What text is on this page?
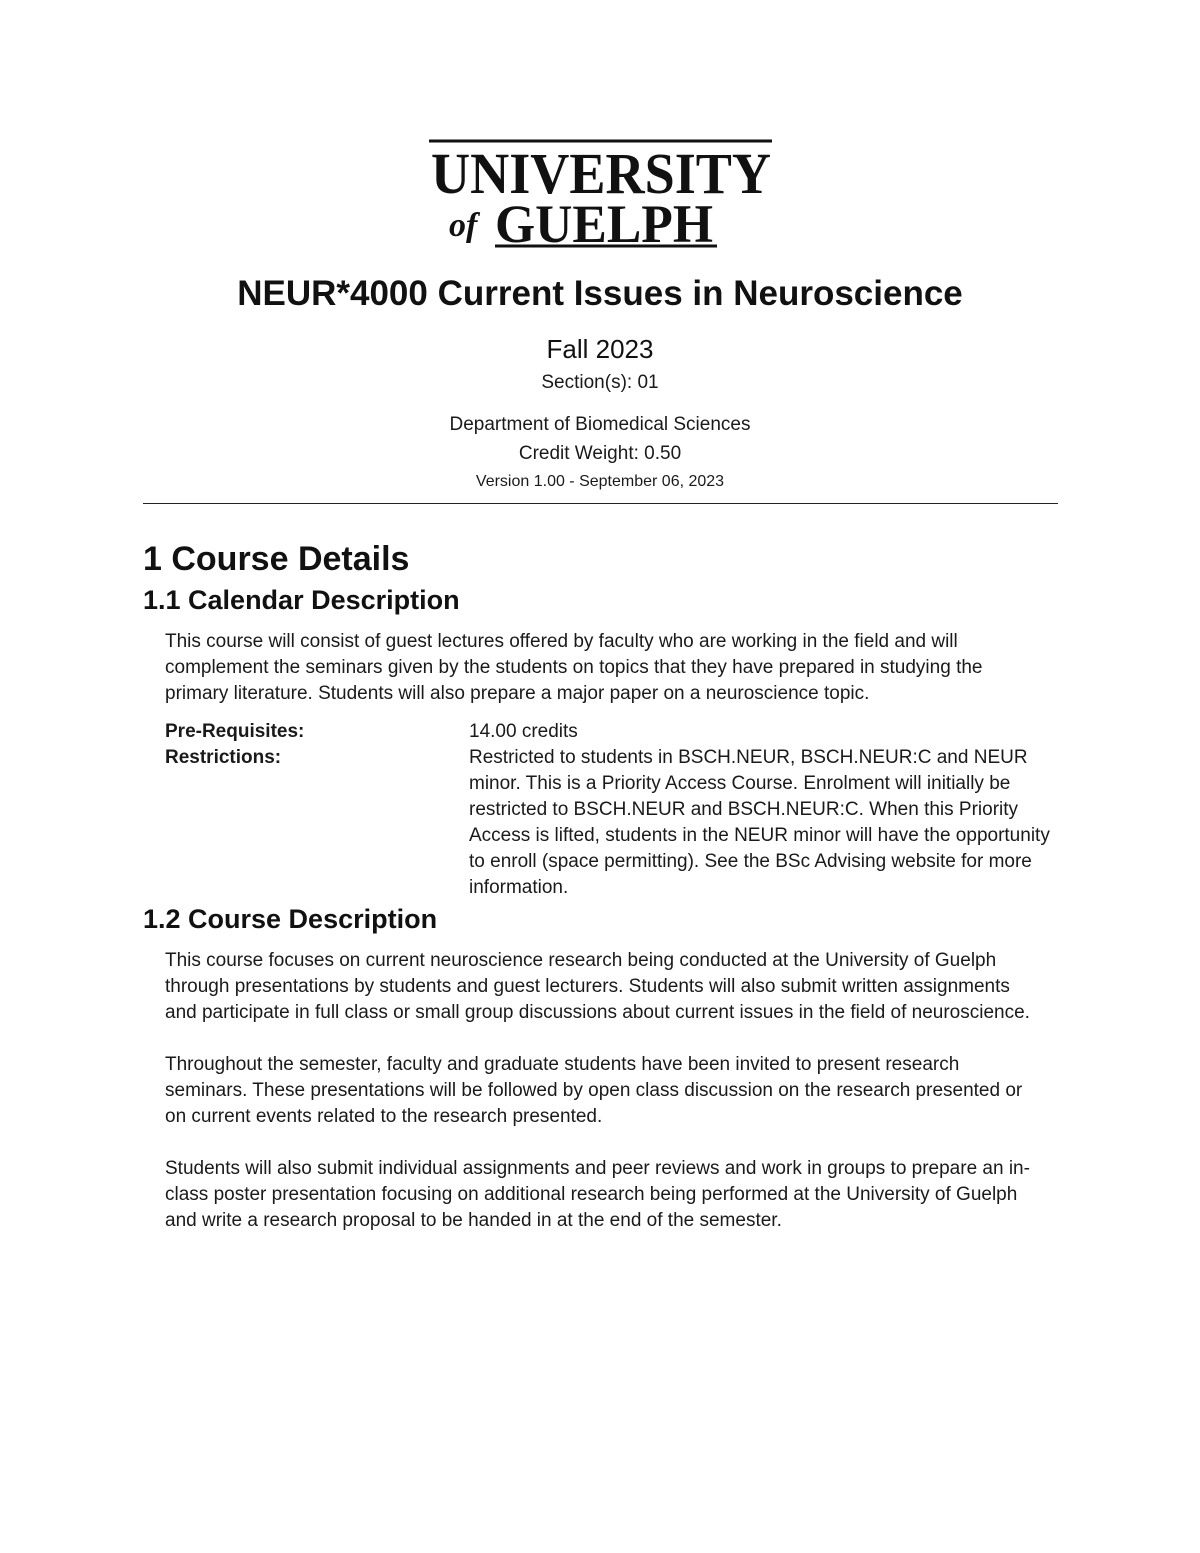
UNIVERSITY
of GUELPH
NEUR*4000 Current Issues in Neuroscience
Fall 2023
Section(s): 01
Department of Biomedical Sciences
Credit Weight: 0.50
Version 1.00 - September 06, 2023
1 Course Details
1.1 Calendar Description

This course will consist of guest lectures offered by faculty who are working in the field and will complement the seminars given by the students on topics that they have prepared in studying the primary literature. Students will also prepare a major paper on a neuroscience topic.

Pre-Requisites:	14.00 credits
Restrictions:	Restricted to students in BSCH.NEUR, BSCH.NEUR:C and NEUR minor. This is a Priority Access Course. Enrolment will initially be restricted to BSCH.NEUR and BSCH.NEUR:C. When this Priority Access is lifted, students in the NEUR minor will have the opportunity to enroll (space permitting). See the BSc Advising website for more information.
1.2 Course Description

This course focuses on current neuroscience research being conducted at the University of Guelph through presentations by students and guest lecturers. Students will also submit written assignments and participate in full class or small group discussions about current issues in the field of neuroscience.

Throughout the semester, faculty and graduate students have been invited to present research seminars. These presentations will be followed by open class discussion on the research presented or on current events related to the research presented.

Students will also submit individual assignments and peer reviews and work in groups to prepare an in-class poster presentation focusing on additional research being performed at the University of Guelph and write a research proposal to be handed in at the end of the semester.
